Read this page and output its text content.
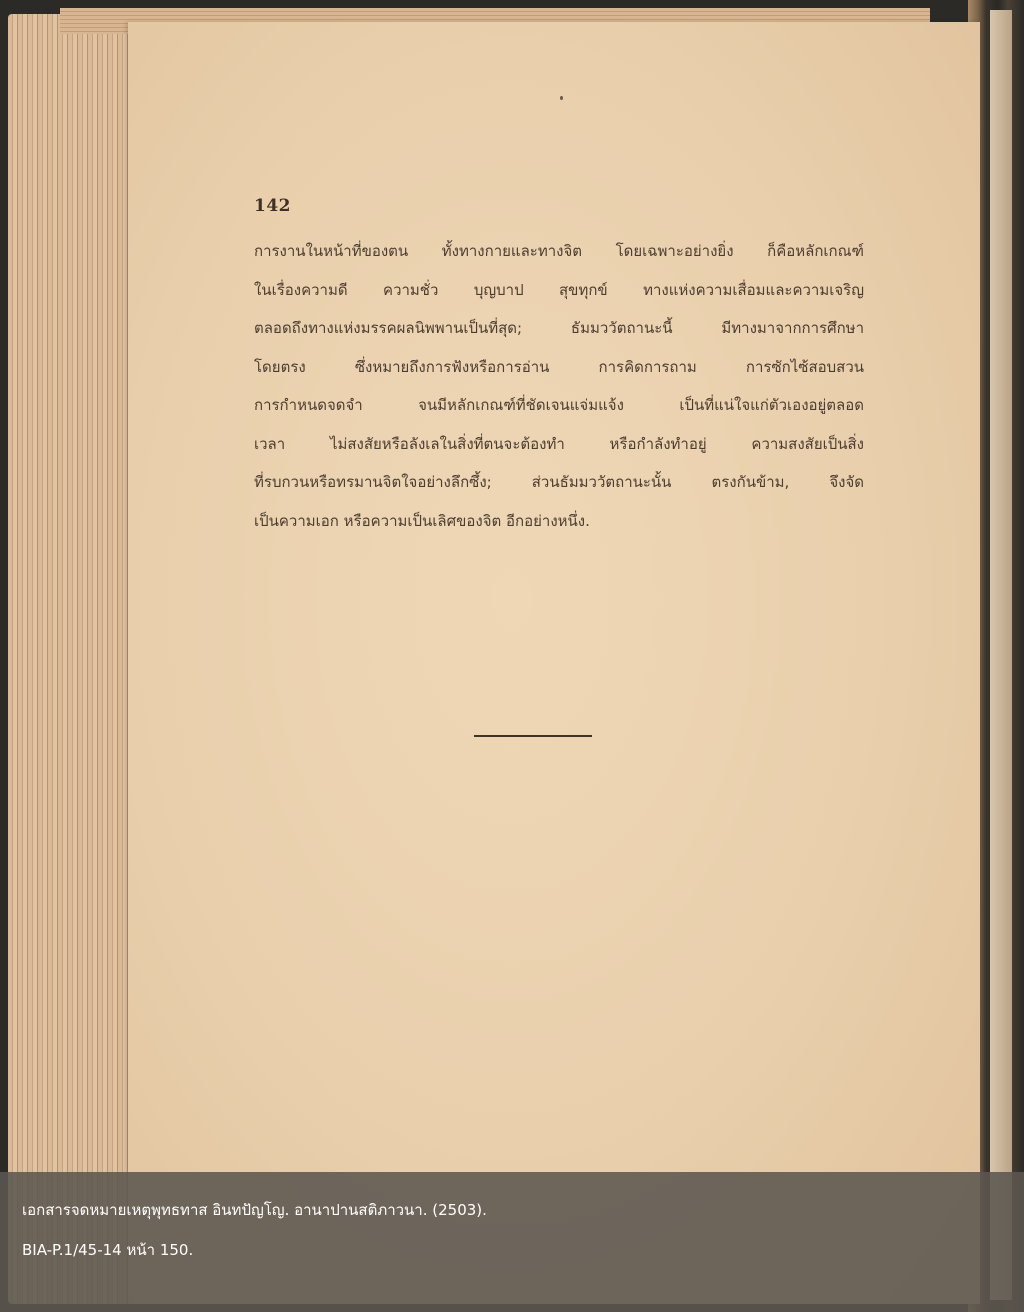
142
การงานในหน้าที่ของตน ทั้งทางกายและทางจิต โดยเฉพาะอย่างยิ่ง ก็คือหลักเกณฑ์
ในเรื่องความดี ความชั่ว บุญบาป สุขทุกข์ ทางแห่งความเสื่อมและความเจริญ
ตลอดถึงทางแห่งมรรคผลนิพพานเป็นที่สุด; ธัมมววัตถานะนี้ มีทางมาจากการศึกษา
โดยตรง ซึ่งหมายถึงการฟังหรือการอ่าน การคิดการถาม การซักไซ้สอบสวน
การกำหนดจดจำ จนมีหลักเกณฑ์ที่ชัดเจนแจ่มแจ้ง เป็นที่แน่ใจแก่ตัวเองอยู่ตลอด
เวลา ไม่สงสัยหรือลังเลในสิ่งที่ตนจะต้องทำ หรือกำลังทำอยู่ ความสงสัยเป็นสิ่ง
ที่รบกวนหรือทรมานจิตใจอย่างลึกซึ้ง; ส่วนธัมมววัตถานะนั้น ตรงกันข้าม, จึงจัด
เป็นความเอก หรือความเป็นเลิศของจิต อีกอย่างหนึ่ง.
เอกสารจดหมายเหตุพุทธทาส อินทปัญโญ. อานาปานสติภาวนา. (2503).
BIA-P.1/45-14 หน้า 150.
